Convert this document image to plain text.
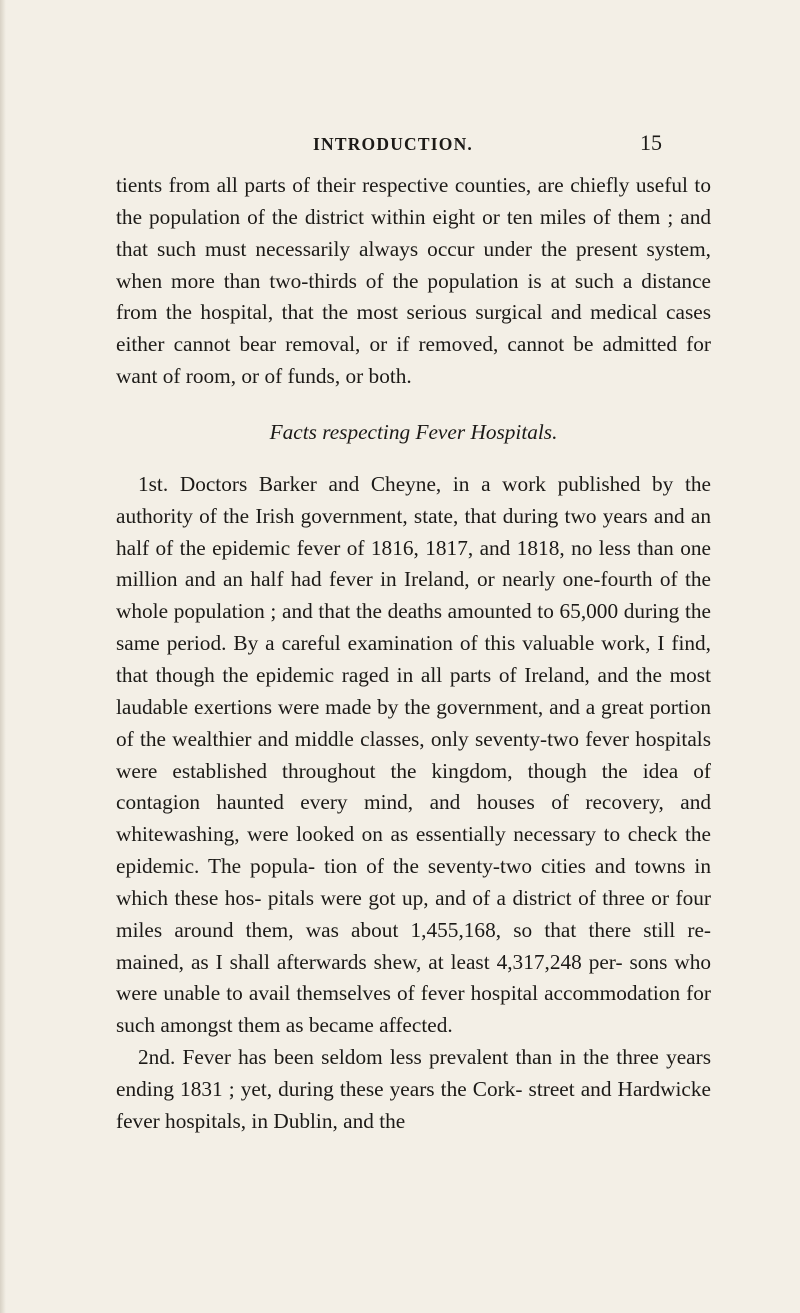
INTRODUCTION.	15

tients from all parts of their respective counties, are chiefly useful to the population of the district within eight or ten miles of them ; and that such must necessarily always occur under the present system, when more than two-thirds of the population is at such a distance from the hospital, that the most serious surgical and medical cases either cannot bear removal, or if removed, cannot be admitted for want of room, or of funds, or both.

Facts respecting Fever Hospitals.

1st. Doctors Barker and Cheyne, in a work published by the authority of the Irish government, state, that during two years and an half of the epidemic fever of 1816, 1817, and 1818, no less than one million and an half had fever in Ireland, or nearly one-fourth of the whole population ; and that the deaths amounted to 65,000 during the same period. By a careful examination of this valuable work, I find, that though the epidemic raged in all parts of Ireland, and the most laudable exertions were made by the government, and a great portion of the wealthier and middle classes, only seventy-two fever hospitals were established throughout the kingdom, though the idea of contagion haunted every mind, and houses of recovery, and whitewashing, were looked on as essentially necessary to check the epidemic. The popula- tion of the seventy-two cities and towns in which these hos- pitals were got up, and of a district of three or four miles around them, was about 1,455,168, so that there still re- mained, as I shall afterwards shew, at least 4,317,248 per- sons who were unable to avail themselves of fever hospital accommodation for such amongst them as became affected.

2nd. Fever has been seldom less prevalent than in the three years ending 1831 ; yet, during these years the Cork- street and Hardwicke fever hospitals, in Dublin, and the
